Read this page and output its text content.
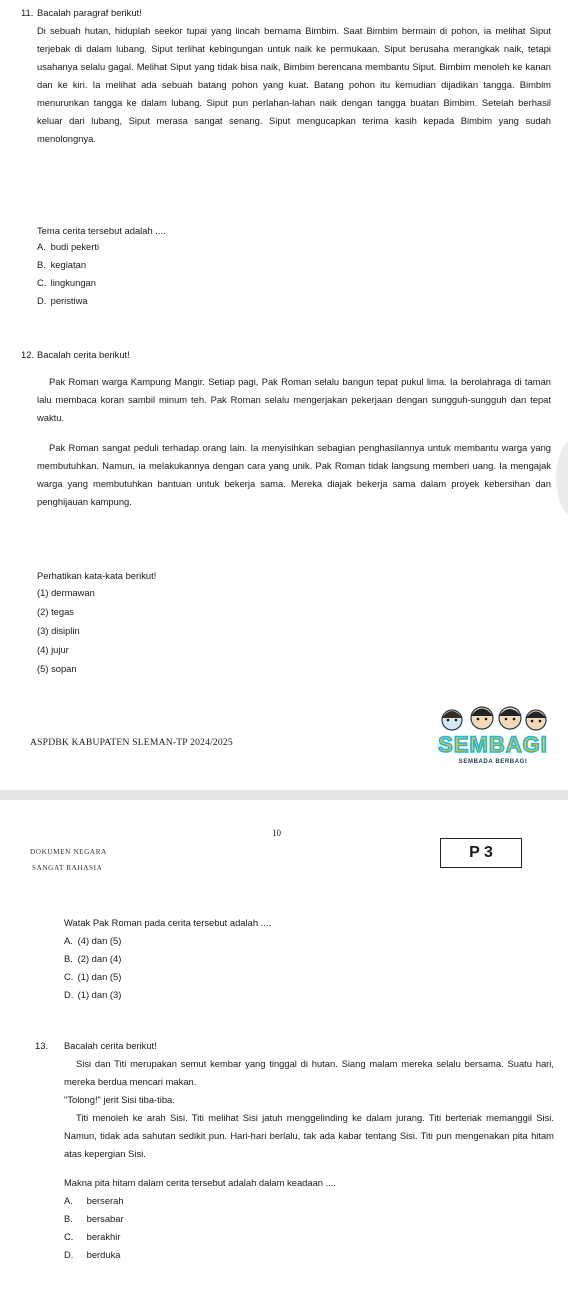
11. Bacalah paragraf berikut!
Di sebuah hutan, hiduplah seekor tupai yang lincah bernama Bimbim. Saat Bimbim bermain di pohon, ia melihat Siput terjebak di dalam lubang. Siput terlihat kebingungan untuk naik ke permukaan. Siput berusaha merangkak naik, tetapi usahanya selalu gagal. Melihat Siput yang tidak bisa naik, Bimbim berencana membantu Siput. Bimbim menoleh ke kanan dan ke kiri. Ia melihat ada sebuah batang pohon yang kuat. Batang pohon itu kemudian dijadikan tangga. Bimbim menurunkan tangga ke dalam lubang. Siput pun perlahan-lahan naik dengan tangga buatan Bimbim. Setelah berhasil keluar dari lubang, Siput merasa sangat senang. Siput mengucapkan terima kasih kepada Bimbim yang sudah menolongnya.
Tema cerita tersebut adalah ....
A. budi pekerti
B. kegiatan
C. lingkungan
D. peristiwa
12. Bacalah cerita berikut!
Pak Roman warga Kampung Mangir. Setiap pagi, Pak Roman selalu bangun tepat pukul lima. Ia berolahraga di taman lalu membaca koran sambil minum teh. Pak Roman selalu mengerjakan pekerjaan dengan sungguh-sungguh dan tepat waktu.
Pak Roman sangat peduli terhadap orang lain. Ia menyisihkan sebagian penghasilannya untuk membantu warga yang membutuhkan. Namun, ia melakukannya dengan cara yang unik. Pak Roman tidak langsung memberi uang. Ia mengajak warga yang membutuhkan bantuan untuk bekerja sama. Mereka diajak bekerja sama dalam proyek kebersihan dan penghijauan kampung.
Perhatikan kata-kata berikut!
(1) dermawan
(2) tegas
(3) disiplin
(4) jujur
(5) sopan
ASPDBK KABUPATEN SLEMAN-TP 2024/2025	SEMBAGI
SEMBADA BERBAGI
DOKUMEN NEGARA
SANGAT RAHASIA
10
P 3
Watak Pak Roman pada cerita tersebut adalah ....
A. (4) dan (5)
B. (2) dan (4)
C. (1) dan (5)
D. (1) dan (3)
13. Bacalah cerita berikut!
Sisi dan Titi merupakan semut kembar yang tinggal di hutan. Siang malam mereka selalu bersama. Suatu hari, mereka berdua mencari makan.
"Tolong!" jerit Sisi tiba-tiba.
Titi menoleh ke arah Sisi. Titi melihat Sisi jatuh menggelinding ke dalam jurang. Titi berteriak memanggil Sisi. Namun, tidak ada sahutan sedikit pun. Hari-hari berlalu, tak ada kabar tentang Sisi. Titi pun mengenakan pita hitam atas kepergian Sisi.
Makna pita hitam dalam cerita tersebut adalah dalam keadaan ....
A. berserah
B. bersabar
C. berakhir
D. berduka
